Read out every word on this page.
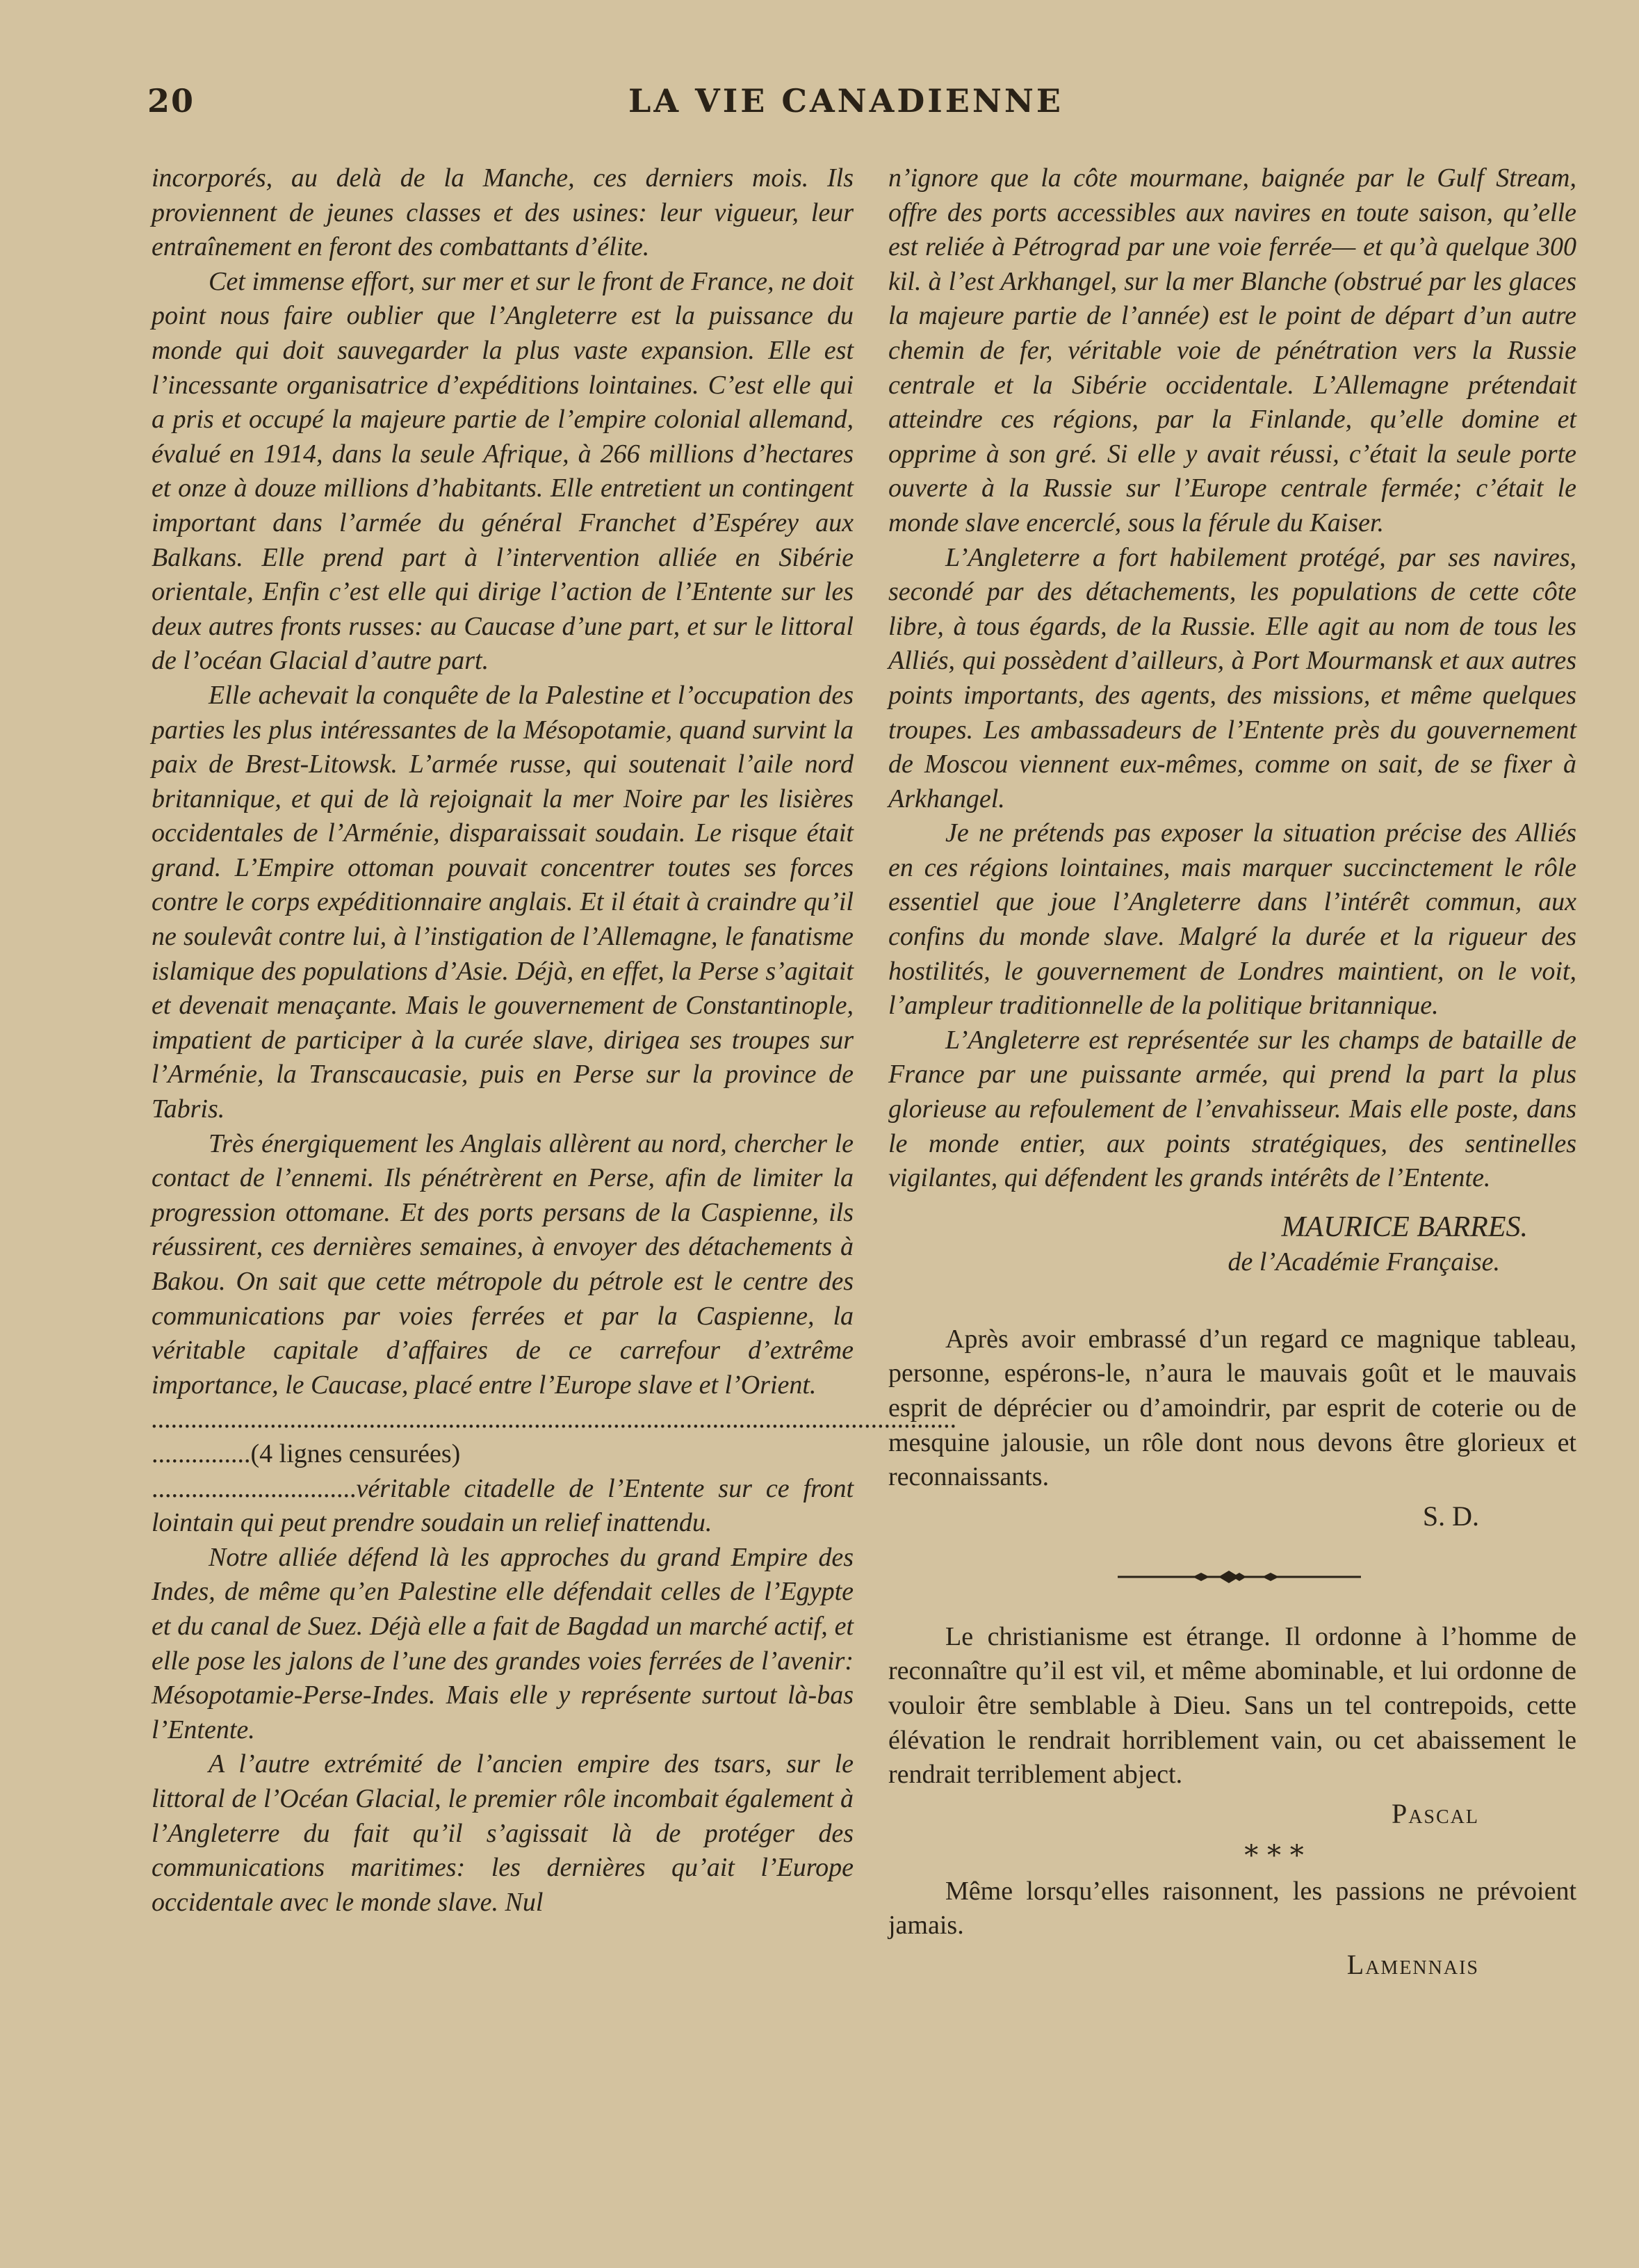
20	LA VIE CANADIENNE

incorporés, au delà de la Manche, ces derniers mois. Ils proviennent de jeunes classes et des usines: leur vigueur, leur entraînement en feront des combattants d’élite.

Cet immense effort, sur mer et sur le front de France, ne doit point nous faire oublier que l’Angleterre est la puissance du monde qui doit sauvegarder la plus vaste expansion. Elle est l’incessante organisatrice d’expéditions lointaines. C’est elle qui a pris et occupé la majeure partie de l’empire colonial allemand, évalué en 1914, dans la seule Afrique, à 266 millions d’hectares et onze à douze millions d’habitants. Elle entretient un contingent important dans l’armée du général Franchet d’Espérey aux Balkans. Elle prend part à l’intervention alliée en Sibérie orientale, Enfin c’est elle qui dirige l’action de l’Entente sur les deux autres fronts russes: au Caucase d’une part, et sur le littoral de l’océan Glacial d’autre part.

Elle achevait la conquête de la Palestine et l’occupation des parties les plus intéressantes de la Mésopotamie, quand survint la paix de Brest-Litowsk. L’armée russe, qui soutenait l’aile nord britannique, et qui de là rejoignait la mer Noire par les lisières occidentales de l’Arménie, disparaissait soudain. Le risque était grand. L’Empire ottoman pouvait concentrer toutes ses forces contre le corps expéditionnaire anglais. Et il était à craindre qu’il ne soulevât contre lui, à l’instigation de l’Allemagne, le fanatisme islamique des populations d’Asie. Déjà, en effet, la Perse s’agitait et devenait menaçante. Mais le gouvernement de Constantinople, impatient de participer à la curée slave, dirigea ses troupes sur l’Arménie, la Transcaucasie, puis en Perse sur la province de Tabris.

Très énergiquement les Anglais allèrent au nord, chercher le contact de l’ennemi. Ils pénétrèrent en Perse, afin de limiter la progression ottomane. Et des ports persans de la Caspienne, ils réussirent, ces dernières semaines, à envoyer des détachements à Bakou. On sait que cette métropole du pétrole est le centre des communications par voies ferrées et par la Caspienne, la véritable capitale d’affaires de ce carrefour d’extrême importance, le Caucase, placé entre l’Europe slave et l’Orient.

..........................................................................................................................

...............(4 lignes censurées)

...............................véritable citadelle de l’Entente sur ce front lointain qui peut prendre soudain un relief inattendu.

Notre alliée défend là les approches du grand Empire des Indes, de même qu’en Palestine elle défendait celles de l’Egypte et du canal de Suez. Déjà elle a fait de Bagdad un marché actif, et elle pose les jalons de l’une des grandes voies ferrées de l’avenir: Mésopotamie-Perse-Indes. Mais elle y représente surtout là-bas l’Entente.

A l’autre extrémité de l’ancien empire des tsars, sur le littoral de l’Océan Glacial, le premier rôle incombait également à l’Angleterre du fait qu’il s’agissait là de protéger des communications maritimes: les dernières qu’ait l’Europe occidentale avec le monde slave. Nul

n’ignore que la côte mourmane, baignée par le Gulf Stream, offre des ports accessibles aux navires en toute saison, qu’elle est reliée à Pétrograd par une voie ferrée— et qu’à quelque 300 kil. à l’est Arkhangel, sur la mer Blanche (obstrué par les glaces la majeure partie de l’année) est le point de départ d’un autre chemin de fer, véritable voie de pénétration vers la Russie centrale et la Sibérie occidentale. L’Allemagne prétendait atteindre ces régions, par la Finlande, qu’elle domine et opprime à son gré. Si elle y avait réussi, c’était la seule porte ouverte à la Russie sur l’Europe centrale fermée; c’était le monde slave encerclé, sous la férule du Kaiser.

L’Angleterre a fort habilement protégé, par ses navires, secondé par des détachements, les populations de cette côte libre, à tous égards, de la Russie. Elle agit au nom de tous les Alliés, qui possèdent d’ailleurs, à Port Mourmansk et aux autres points importants, des agents, des missions, et même quelques troupes. Les ambassadeurs de l’Entente près du gouvernement de Moscou viennent eux-mêmes, comme on sait, de se fixer à Arkhangel.

Je ne prétends pas exposer la situation précise des Alliés en ces régions lointaines, mais marquer succinctement le rôle essentiel que joue l’Angleterre dans l’intérêt commun, aux confins du monde slave. Malgré la durée et la rigueur des hostilités, le gouvernement de Londres maintient, on le voit, l’ampleur traditionnelle de la politique britannique.

L’Angleterre est représentée sur les champs de bataille de France par une puissante armée, qui prend la part la plus glorieuse au refoulement de l’envahisseur. Mais elle poste, dans le monde entier, aux points stratégiques, des sentinelles vigilantes, qui défendent les grands intérêts de l’Entente.

MAURICE BARRES.
de l’Académie Française.

Après avoir embrassé d’un regard ce magnique tableau, personne, espérons-le, n’aura le mauvais goût et le mauvais esprit de déprécier ou d’amoindrir, par esprit de coterie ou de mesquine jalousie, un rôle dont nous devons être glorieux et reconnaissants.

S. D.

Le christianisme est étrange. Il ordonne à l’homme de reconnaître qu’il est vil, et même abominable, et lui ordonne de vouloir être semblable à Dieu. Sans un tel contrepoids, cette élévation le rendrait horriblement vain, ou cet abaissement le rendrait terriblement abject.

Pascal
* * *

Même lorsqu’elles raisonnent, les passions ne prévoient jamais.

Lamennais
